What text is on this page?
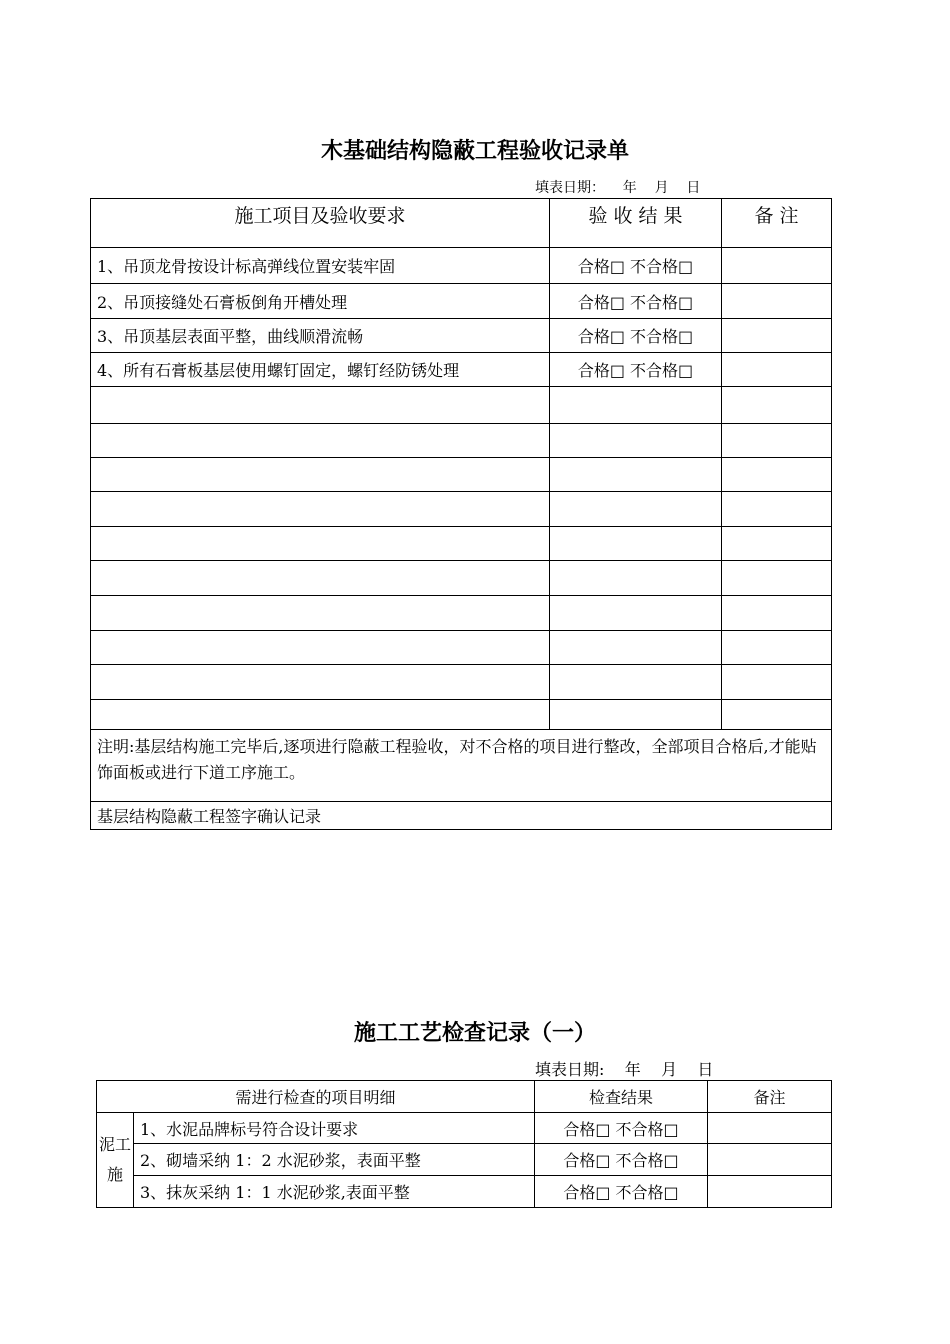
木基础结构隐蔽工程验收记录单
填表日期：    年    月    日
施工项目及验收要求	验 收 结 果	备 注
1、吊顶龙骨按设计标高弹线位置安装牢固	合格□ 不合格□	
2、吊顶接缝处石膏板倒角开槽处理	合格□ 不合格□	
3、吊顶基层表面平整，曲线顺滑流畅	合格□ 不合格□	
4、所有石膏板基层使用螺钉固定，螺钉经防锈处理	合格□ 不合格□	

注明:基层结构施工完毕后,逐项进行隐蔽工程验收，对不合格的项目进行整改，全部项目合格后,才能贴饰面板或进行下道工序施工。		
基层结构隐蔽工程签字确认记录		
施工工艺检查记录（一）
填表日期:    年    月    日
需进行检查的项目明细		检查结果	备注
泥工施	1、水泥品牌标号符合设计要求	合格□ 不合格□	
	2、砌墙采纳 1：2 水泥砂浆，表面平整	合格□ 不合格□	
	3、抹灰采纳 1：1 水泥砂浆,表面平整	合格□ 不合格□	
